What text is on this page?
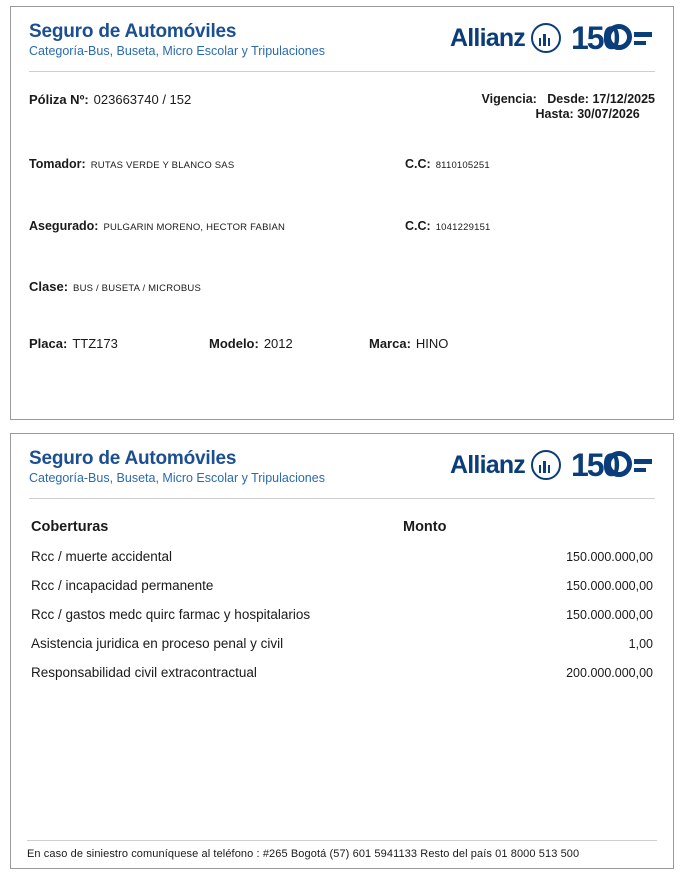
Seguro de Automóviles
Categoría-Bus, Buseta, Micro Escolar y Tripulaciones	Allianz 150
Póliza Nº: 023663740 / 152	Vigencia: Desde: 17/12/2025
Hasta: 30/07/2026
Tomador: RUTAS VERDE Y BLANCO SAS	C.C: 8110105251
Asegurado: PULGARIN MORENO, HECTOR FABIAN	C.C: 1041229151
Clase: BUS / BUSETA / MICROBUS
Placa: TTZ173	Modelo: 2012	Marca: HINO
Seguro de Automóviles
Categoría-Bus, Buseta, Micro Escolar y Tripulaciones	Allianz 150
Coberturas	Monto
Rcc / muerte accidental	150.000.000,00
Rcc / incapacidad permanente	150.000.000,00
Rcc / gastos medc quirc farmac y hospitalarios	150.000.000,00
Asistencia juridica en proceso penal y civil	1,00
Responsabilidad civil extracontractual	200.000.000,00
En caso de siniestro comuníquese al teléfono : #265 Bogotá (57) 601 5941133 Resto del país 01 8000 513 500
